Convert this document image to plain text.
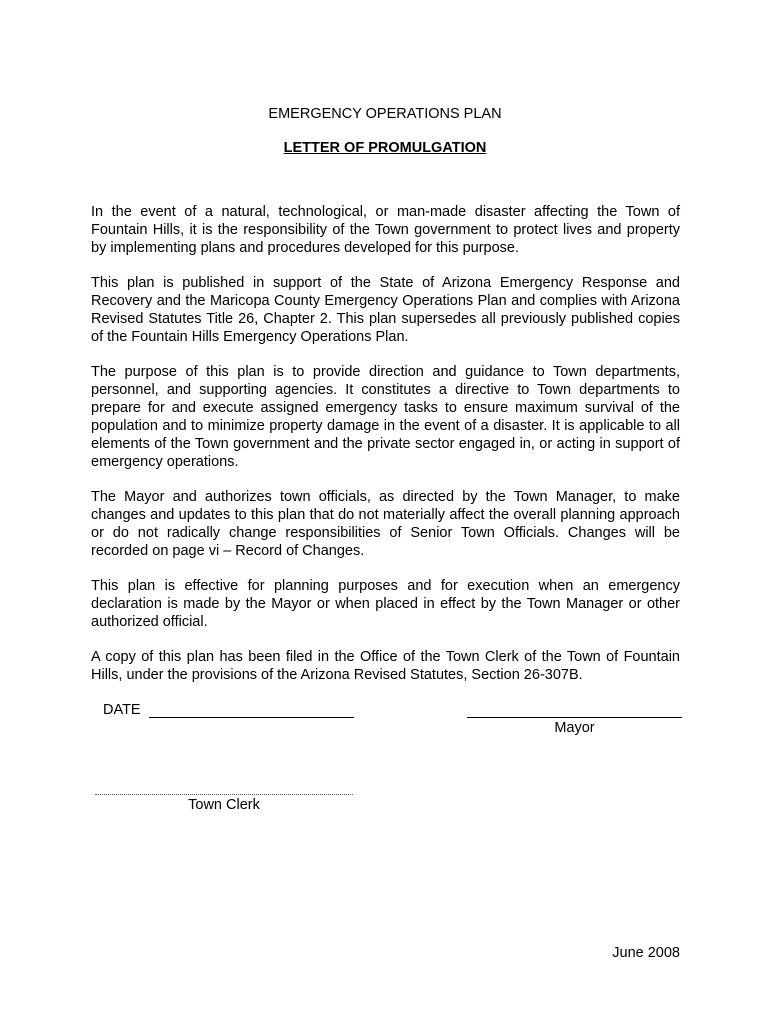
EMERGENCY OPERATIONS PLAN
LETTER OF PROMULGATION

In the event of a natural, technological, or man-made disaster affecting the Town of Fountain Hills, it is the responsibility of the Town government to protect lives and property by implementing plans and procedures developed for this purpose.

This plan is published in support of the State of Arizona Emergency Response and Recovery and the Maricopa County Emergency Operations Plan and complies with Arizona Revised Statutes Title 26, Chapter 2. This plan supersedes all previously published copies of the Fountain Hills Emergency Operations Plan.

The purpose of this plan is to provide direction and guidance to Town departments, personnel, and supporting agencies. It constitutes a directive to Town departments to prepare for and execute assigned emergency tasks to ensure maximum survival of the population and to minimize property damage in the event of a disaster. It is applicable to all elements of the Town government and the private sector engaged in, or acting in support of emergency operations.

The Mayor and authorizes town officials, as directed by the Town Manager, to make changes and updates to this plan that do not materially affect the overall planning approach or do not radically change responsibilities of Senior Town Officials. Changes will be recorded on page vi – Record of Changes.

This plan is effective for planning purposes and for execution when an emergency declaration is made by the Mayor or when placed in effect by the Town Manager or other authorized official.

A copy of this plan has been filed in the Office of the Town Clerk of the Town of Fountain Hills, under the provisions of the Arizona Revised Statutes, Section 26-307B.

DATE
Mayor
Town Clerk
June 2008
